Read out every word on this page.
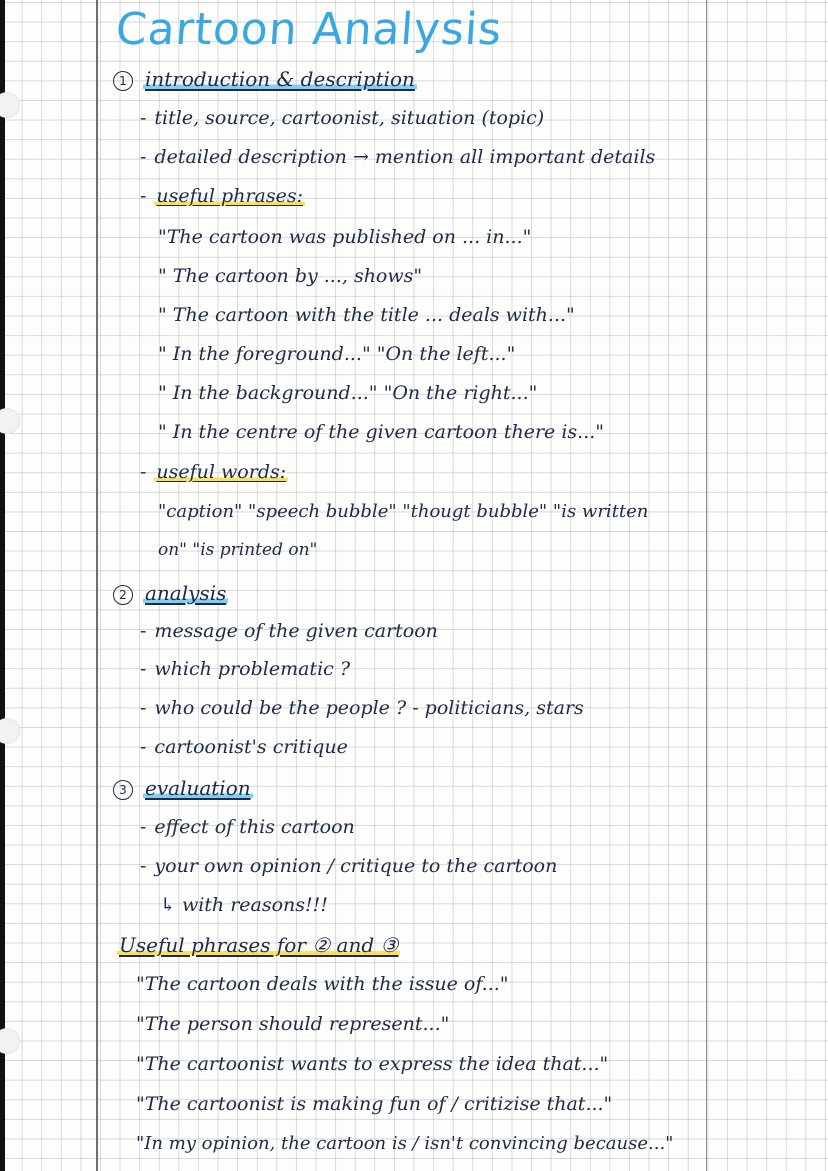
Cartoon Analysis
1 introduction & description
- title, source, cartoonist, situation (topic)
- detailed description → mention all important details
- useful phrases:
"The cartoon was published on ... in..."
" The cartoon by ..., shows"
" The cartoon with the title ... deals with..."
" In the foreground..." "On the left..."
" In the background..." "On the right..."
" In the centre of the given cartoon there is..."
- useful words:
"caption" "speech bubble" "thougt bubble" "is written
on" "is printed on"
2 analysis
- message of the given cartoon
- which problematic ?
- who could be the people ? - politicians, stars
- cartoonist's critique
3 evaluation
- effect of this cartoon
- your own opinion / critique to the cartoon
↳ with reasons!!!
Useful phrases for ② and ③
"The cartoon deals with the issue of..."
"The person should represent..."
"The cartoonist wants to express the idea that..."
"The cartoonist is making fun of / critizise that..."
"In my opinion, the cartoon is / isn't convincing because..."
